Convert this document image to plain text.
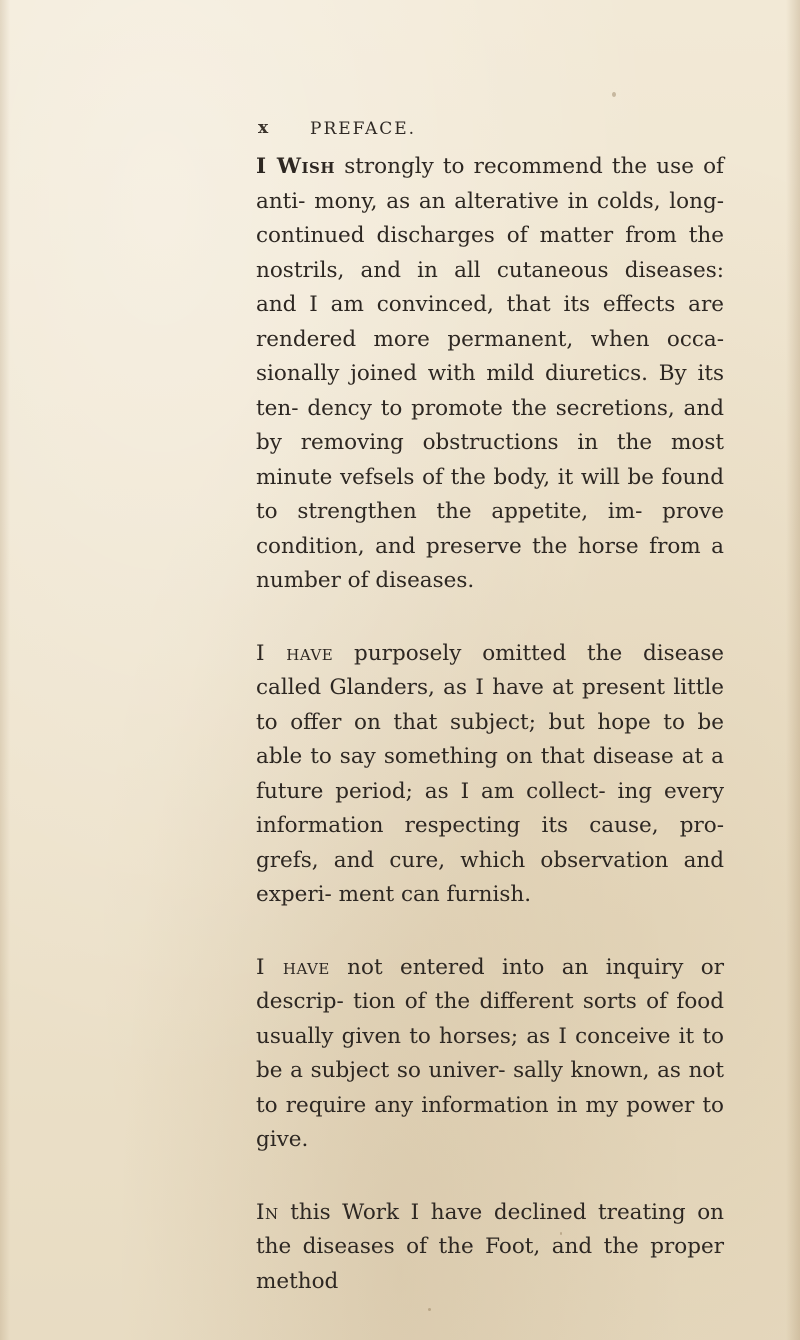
x PREFACE.

I Wish strongly to recommend the use of anti- mony, as an alterative in colds, long-continued discharges of matter from the nostrils, and in all cutaneous diseases: and I am convinced, that its effects are rendered more permanent, when occa- sionally joined with mild diuretics. By its ten- dency to promote the secretions, and by removing obstructions in the most minute vefsels of the body, it will be found to strengthen the appetite, im- prove condition, and preserve the horse from a number of diseases.

I have purposely omitted the disease called Glanders, as I have at present little to offer on that subject; but hope to be able to say something on that disease at a future period; as I am collect- ing every information respecting its cause, pro- grefs, and cure, which observation and experi- ment can furnish.

I have not entered into an inquiry or descrip- tion of the different sorts of food usually given to horses; as I conceive it to be a subject so univer- sally known, as not to require any information in my power to give.

In this Work I have declined treating on the diseases of the Foot, and the proper method
